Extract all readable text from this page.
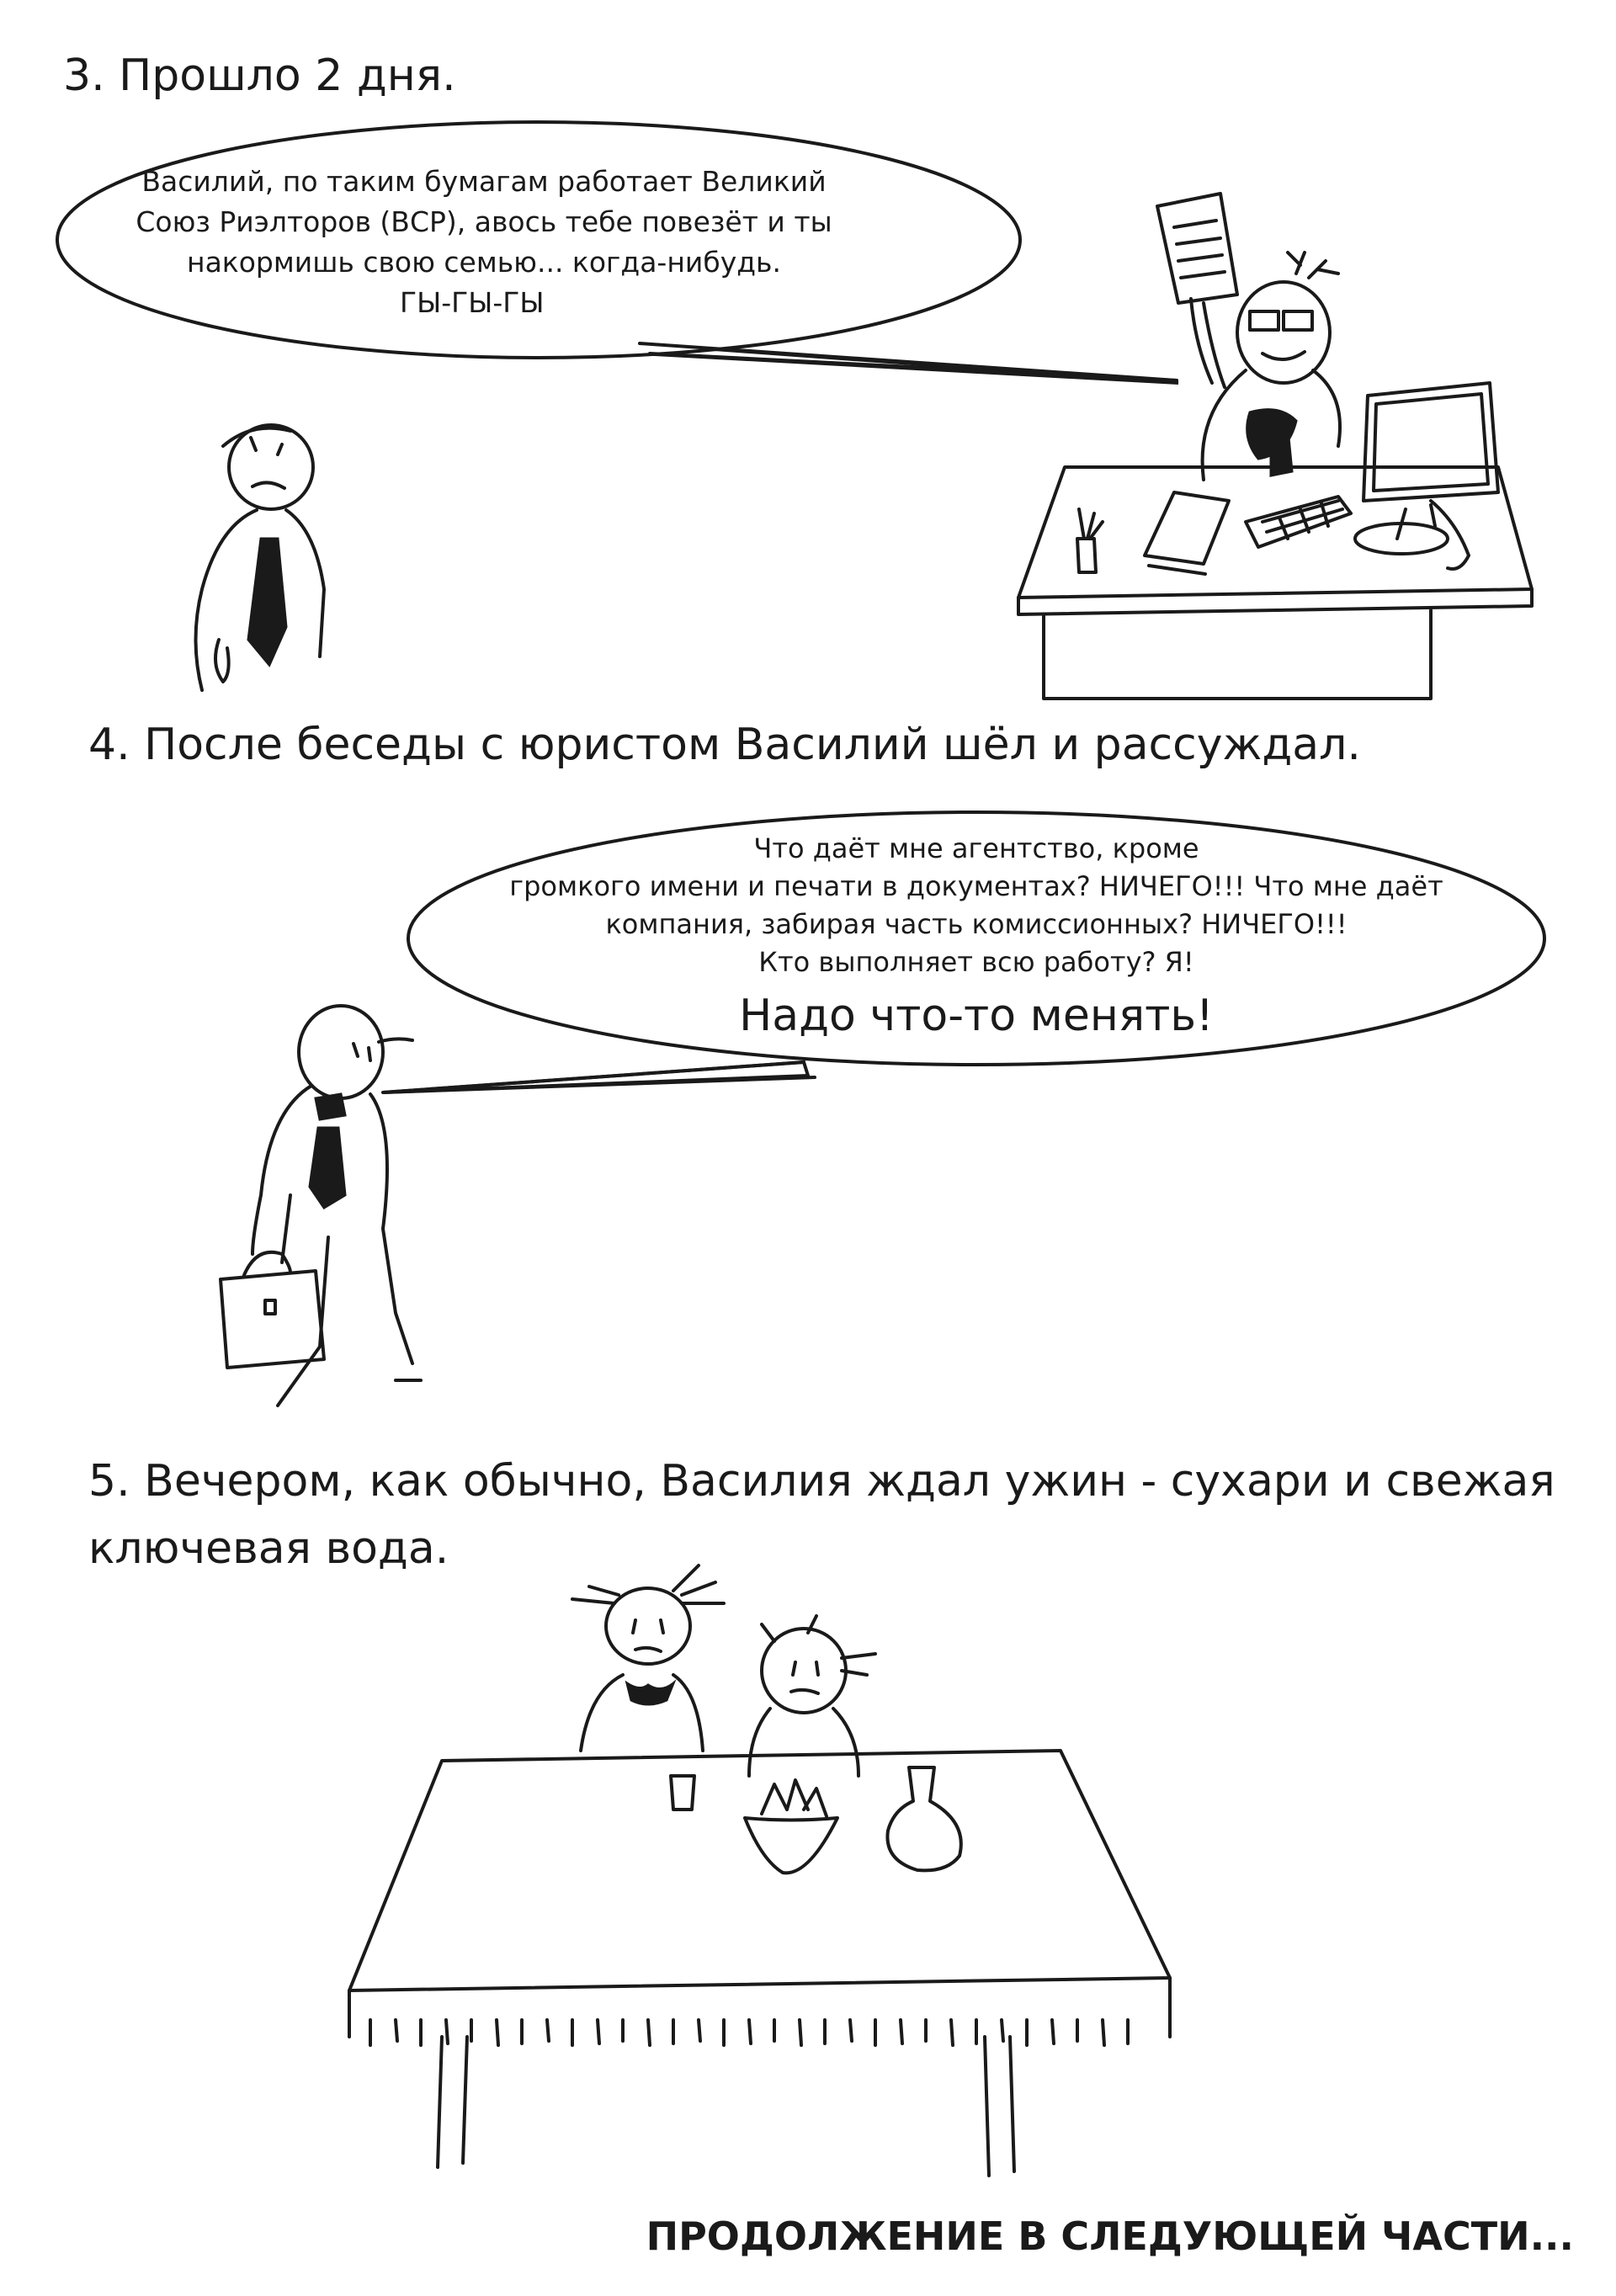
3. Прошло 2 дня.
Василий, по таким бумагам работает Великий
Союз Риэлторов (ВСР), авось тебе повезёт и ты
накормишь свою семью... когда-нибудь.
ГЫ-ГЫ-ГЫ
4. После беседы с юристом Василий шёл и рассуждал.
Что даёт мне агентство, кроме
громкого имени и печати в документах? НИЧЕГО!!! Что мне даёт
компания, забирая часть комиссионных? НИЧЕГО!!!
Кто выполняет всю работу? Я!
Надо что-то менять!
5. Вечером, как обычно, Василия ждал ужин - сухари и свежая
ключевая вода.
ПРОДОЛЖЕНИЕ В СЛЕДУЮЩЕЙ ЧАСТИ...
